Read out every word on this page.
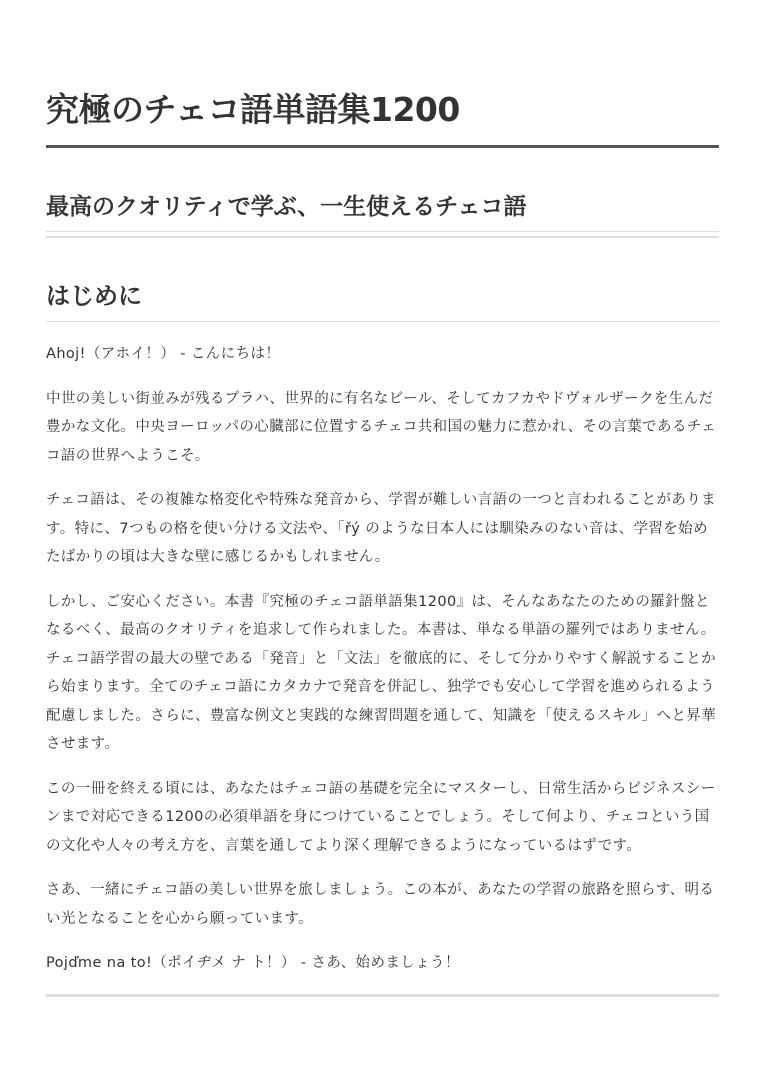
究極のチェコ語単語集1200
最高のクオリティで学ぶ、一生使えるチェコ語
はじめに

Ahoj!（アホイ！） - こんにちは！

中世の美しい街並みが残るプラハ、世界的に有名なビール、そしてカフカやドヴォルザークを生んだ豊かな文化。中央ヨーロッパの心臓部に位置するチェコ共和国の魅力に惹かれ、その言葉であるチェコ語の世界へようこそ。

チェコ語は、その複雑な格変化や特殊な発音から、学習が難しい言語の一つと言われることがあります。特に、7つもの格を使い分ける文法や、「řý のような日本人には馴染みのない音は、学習を始めたばかりの頃は大きな壁に感じるかもしれません。

しかし、ご安心ください。本書『究極のチェコ語単語集1200』は、そんなあなたのための羅針盤となるべく、最高のクオリティを追求して作られました。本書は、単なる単語の羅列ではありません。チェコ語学習の最大の壁である「発音」と「文法」を徹底的に、そして分かりやすく解説することから始まります。全てのチェコ語にカタカナで発音を併記し、独学でも安心して学習を進められるよう配慮しました。さらに、豊富な例文と実践的な練習問題を通して、知識を「使えるスキル」へと昇華させます。

この一冊を終える頃には、あなたはチェコ語の基礎を完全にマスターし、日常生活からビジネスシーンまで対応できる1200の必須単語を身につけていることでしょう。そして何より、チェコという国の文化や人々の考え方を、言葉を通してより深く理解できるようになっているはずです。

さあ、一緒にチェコ語の美しい世界を旅しましょう。この本が、あなたの学習の旅路を照らす、明るい光となることを心から願っています。

Pojďme na to!（ポイヂメ ナ ト！） - さあ、始めましょう！
